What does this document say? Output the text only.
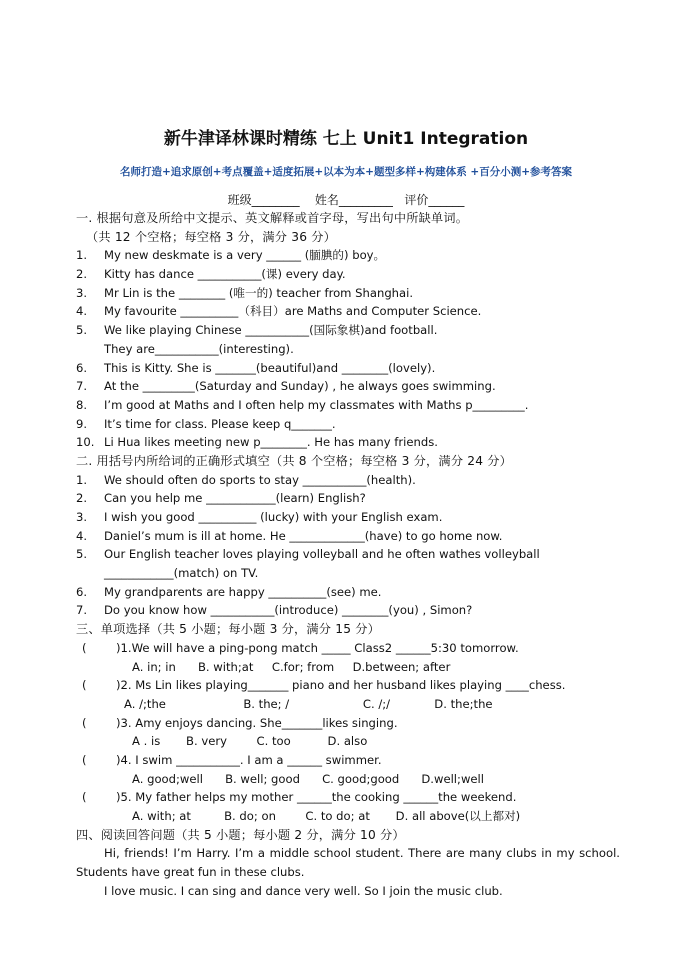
新牛津译林课时精练 七上 Unit1 Integration
名师打造+追求原创+考点覆盖+适度拓展+以本为本+题型多样+构建体系 +百分小测+参考答案
班级________    姓名_________   评价______
一. 根据句意及所给中文提示、英文解释或首字母，写出句中所缺单词。
（共 12 个空格；每空格 3 分，满分 36 分）
1.	My new deskmate is a very ______ (腼腆的) boy。
2.	Kitty has dance ___________(课) every day.
3.	Mr Lin is the ________ (唯一的) teacher from Shanghai.
4.	My favourite __________（科目）are Maths and Computer Science.
5.	We like playing Chinese ___________(国际象棋)and football.
They are___________(interesting).
6.	This is Kitty. She is _______(beautiful)and ________(lovely).
7.	At the _________(Saturday and Sunday) , he always goes swimming.
8.	I’m good at Maths and I often help my classmates with Maths p_________.
9.	It’s time for class. Please keep q_______.
10. Li Hua likes meeting new p________. He has many friends.
二. 用括号内所给词的正确形式填空（共 8 个空格；每空格 3 分，满分 24 分）
1.	We should often do sports to stay ___________(health).
2.	Can you help me ____________(learn) English?
3.	I wish you good __________ (lucky) with your English exam.
4.	Daniel’s mum is ill at home. He _____________(have) to go home now.
5.	Our English teacher loves playing volleyball and he often wathes volleyball
____________(match) on TV.
6.	My grandparents are happy __________(see) me.
7.	Do you know how ___________(introduce) ________(you) , Simon?
三、单项选择（共 5 小题；每小题 3 分，满分 15 分）
(        )1.We will have a ping-pong match _____ Class2 ______5:30 tomorrow.
A. in; in      B. with;at     C.for; from     D.between; after
(        )2. Ms Lin likes playing_______ piano and her husband likes playing ____chess.
A. /;the                     B. the; /                    C. /;/            D. the;the
(        )3. Amy enjoys dancing. She_______likes singing.
A . is       B. very        C. too          D. also
(        )4. I swim ___________. I am a ______ swimmer.
A. good;well      B. well; good      C. good;good      D.well;well
(        )5. My father helps my mother ______the cooking ______the weekend.
A. with; at         B. do; on        C. to do; at       D. all above(以上都对)
四、阅读回答问题（共 5 小题；每小题 2 分，满分 10 分）

Hi, friends! I’m Harry. I’m a middle school student. There are many clubs in my school. Students have great fun in these clubs.

I love music. I can sing and dance very well. So I join the music club.
